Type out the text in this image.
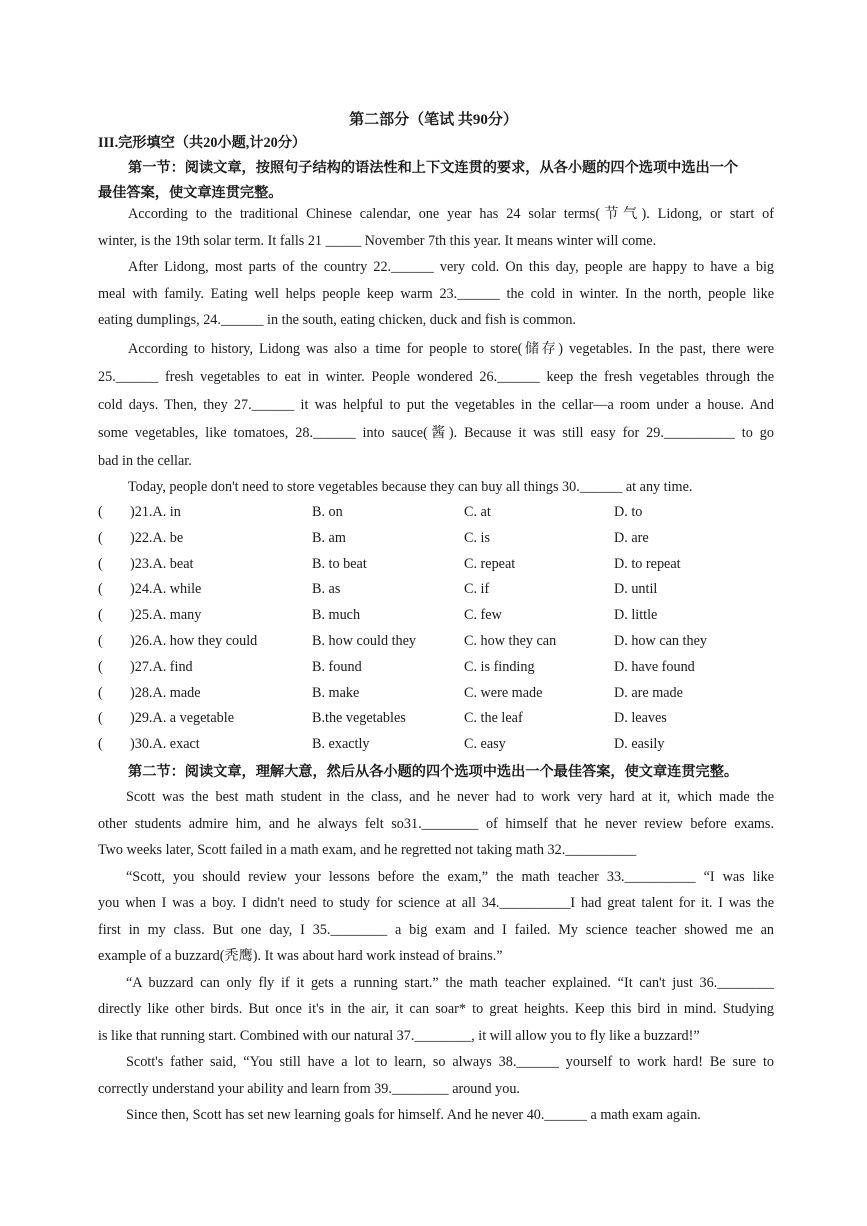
第二部分（笔试 共90分）
III.完形填空（共20小题,计20分）
第一节：阅读文章，按照句子结构的语法性和上下文连贯的要求，从各小题的四个选项中选出一个
最佳答案，使文章连贯完整。
According to the traditional Chinese calendar, one year has 24 solar terms(节气). Lidong, or start of
winter, is the 19th solar term. It falls 21 _____ November 7th this year. It means winter will come.
After Lidong, most parts of the country 22.______ very cold. On this day, people are happy to have a big
meal with family. Eating well helps people keep warm 23.______ the cold in winter. In the north, people like
eating dumplings, 24.______ in the south, eating chicken, duck and fish is common.
According to history, Lidong was also a time for people to store(储存) vegetables. In the past, there were
25.______ fresh vegetables to eat in winter. People wondered 26.______ keep the fresh vegetables through the
cold days. Then, they 27.______ it was helpful to put the vegetables in the cellar—a room under a house. And
some vegetables, like tomatoes, 28.______ into sauce(酱). Because it was still easy for 29.__________ to go
bad in the cellar.
Today, people don't need to store vegetables because they can buy all things 30.______ at any time.
( )21.A. in	B. on	C. at	D. to
( )22.A. be	B. am	C. is	D. are
( )23.A. beat	B. to beat	C. repeat	D. to repeat
( )24.A. while	B. as	C. if	D. until
( )25.A. many	B. much	C. few	D. little
( )26.A. how they could	B. how could they	C. how they can	D. how can they
( )27.A. find	B. found	C. is finding	D. have found
( )28.A. made	B. make	C. were made	D. are made
( )29.A. a vegetable	B.the vegetables	C. the leaf	D. leaves
( )30.A. exact	B. exactly	C. easy	D. easily
第二节：阅读文章，理解大意，然后从各小题的四个选项中选出一个最佳答案，使文章连贯完整。
Scott was the best math student in the class, and he never had to work very hard at it, which made the
other students admire him, and he always felt so31.________ of himself that he never review before exams.
Two weeks later, Scott failed in a math exam, and he regretted not taking math 32.__________
“Scott, you should review your lessons before the exam,” the math teacher 33.__________ “I was like
you when I was a boy. I didn't need to study for science at all 34.__________I had great talent for it. I was the
first in my class. But one day, I 35.________ a big exam and I failed. My science teacher showed me an
example of a buzzard(秃鹰). It was about hard work instead of brains.”
“A buzzard can only fly if it gets a running start.” the math teacher explained. “It can't just 36.________
directly like other birds. But once it's in the air, it can soar* to great heights. Keep this bird in mind. Studying
is like that running start. Combined with our natural 37.________, it will allow you to fly like a buzzard!”
Scott's father said, “You still have a lot to learn, so always 38.______ yourself to work hard! Be sure to
correctly understand your ability and learn from 39.________ around you.
Since then, Scott has set new learning goals for himself. And he never 40.______ a math exam again.
